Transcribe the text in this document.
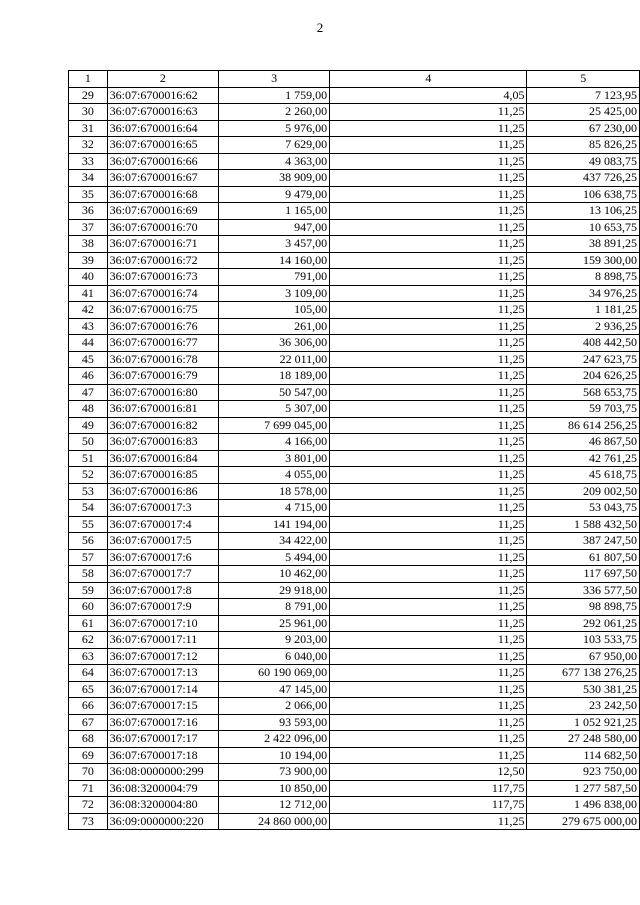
2
1	2	3	4	5
29	36:07:6700016:62	1 759,00	4,05	7 123,95
30	36:07:6700016:63	2 260,00	11,25	25 425,00
31	36:07:6700016:64	5 976,00	11,25	67 230,00
32	36:07:6700016:65	7 629,00	11,25	85 826,25
33	36:07:6700016:66	4 363,00	11,25	49 083,75
34	36:07:6700016:67	38 909,00	11,25	437 726,25
35	36:07:6700016:68	9 479,00	11,25	106 638,75
36	36:07:6700016:69	1 165,00	11,25	13 106,25
37	36:07:6700016:70	947,00	11,25	10 653,75
38	36:07:6700016:71	3 457,00	11,25	38 891,25
39	36:07:6700016:72	14 160,00	11,25	159 300,00
40	36:07:6700016:73	791,00	11,25	8 898,75
41	36:07:6700016:74	3 109,00	11,25	34 976,25
42	36:07:6700016:75	105,00	11,25	1 181,25
43	36:07:6700016:76	261,00	11,25	2 936,25
44	36:07:6700016:77	36 306,00	11,25	408 442,50
45	36:07:6700016:78	22 011,00	11,25	247 623,75
46	36:07:6700016:79	18 189,00	11,25	204 626,25
47	36:07:6700016:80	50 547,00	11,25	568 653,75
48	36:07:6700016:81	5 307,00	11,25	59 703,75
49	36:07:6700016:82	7 699 045,00	11,25	86 614 256,25
50	36:07:6700016:83	4 166,00	11,25	46 867,50
51	36:07:6700016:84	3 801,00	11,25	42 761,25
52	36:07:6700016:85	4 055,00	11,25	45 618,75
53	36:07:6700016:86	18 578,00	11,25	209 002,50
54	36:07:6700017:3	4 715,00	11,25	53 043,75
55	36:07:6700017:4	141 194,00	11,25	1 588 432,50
56	36:07:6700017:5	34 422,00	11,25	387 247,50
57	36:07:6700017:6	5 494,00	11,25	61 807,50
58	36:07:6700017:7	10 462,00	11,25	117 697,50
59	36:07:6700017:8	29 918,00	11,25	336 577,50
60	36:07:6700017:9	8 791,00	11,25	98 898,75
61	36:07:6700017:10	25 961,00	11,25	292 061,25
62	36:07:6700017:11	9 203,00	11,25	103 533,75
63	36:07:6700017:12	6 040,00	11,25	67 950,00
64	36:07:6700017:13	60 190 069,00	11,25	677 138 276,25
65	36:07:6700017:14	47 145,00	11,25	530 381,25
66	36:07:6700017:15	2 066,00	11,25	23 242,50
67	36:07:6700017:16	93 593,00	11,25	1 052 921,25
68	36:07:6700017:17	2 422 096,00	11,25	27 248 580,00
69	36:07:6700017:18	10 194,00	11,25	114 682,50
70	36:08:0000000:299	73 900,00	12,50	923 750,00
71	36:08:3200004:79	10 850,00	117,75	1 277 587,50
72	36:08:3200004:80	12 712,00	117,75	1 496 838,00
73	36:09:0000000:220	24 860 000,00	11,25	279 675 000,00
